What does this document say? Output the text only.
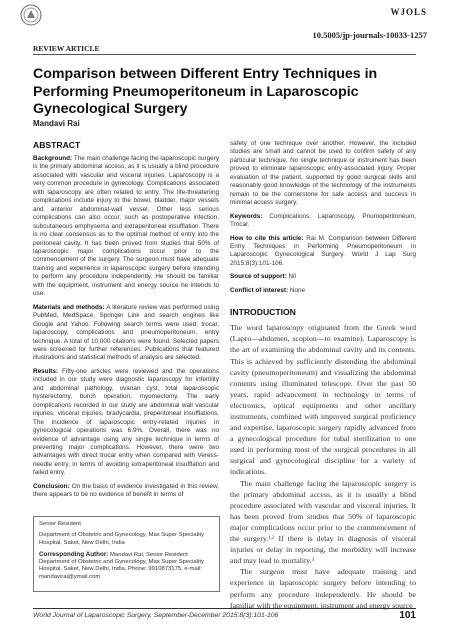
WJOLS
10.5005/jp-journals-10033-1257
REVIEW ARTICLE
Comparison between Different Entry Techniques in Performing Pneumoperitoneum in Laparoscopic Gynecological Surgery
Mandavi Rai
ABSTRACT

Background: The main challenge facing the laparoscopic surgery is the primary abdominal access, as it is usually a blind procedure associated with vascular and visceral injuries. Laparoscopy is a very common procedure in gynecology. Complications associated with laparoscopy are often related to entry. The life-threatening complications include injury to the bowel, bladder, major vessels and anterior abdominal-wall vessel. Other less serious complications can also occur, such as postoperative infection, subcutaneous emphysema and extraperitoneal insufflation. There is no clear consensus as to the optimal method of entry into the peritoneal cavity. It has been proved from studies that 50% of laparoscopic major complications occur prior to the commencement of the surgery. The surgeon must have adequate training and experience in laparoscopic surgery before intending to perform any procedure independently. He should be familiar with the equipment, instrument and energy source he intends to use.

Materials and methods: A literature review was performed using PubMed, MedSpace, Springer Link and search engines like Google and Yahoo. Following search terms were used: trocar, laparoscopy, complications and pneumoperitoneum, entry technique. A total of 10,000 citations were found. Selected papers were screened for further references. Publications that featured illustrations and statistical methods of analysis are selected.

Results: Fifty-one articles were reviewed and the operations included in our study were diagnostic laparoscopy for infertility and abdominal pathology, ovarian cyst, total laparoscopic hysterectomy, burch operation, myomectomy. The early complications recorded in our study are abdominal wall vascular injuries, visceral injuries, bradycardia, preperitoneal insufflations. The incidence of laparoscopic entry-related injuries in gynecological operations was 6.9%. Overall, there was no evidence of advantage using any single technique in terms of preventing major complications. However, there were two advantages with direct trocar entry when compared with Veress-needle entry, in terms of avoiding extraperitoneal insufflation and failed entry.

Conclusion: On the basis of evidence investigated in this review, there appears to be no evidence of benefit in terms of

Senior Resident

Department of Obstetric and Gynecology, Max Super Speciality Hospital, Saket, New Delhi, India

Corresponding Author: Mandavi Rai, Senior Resident Department of Obstetric and Gynecology, Max Super Speciality Hospital, Saket, New Delhi, India, Phone: 9910873175, e-mail: mandavirai@ymail.com

safety of one technique over another. However, the included studies are small and cannot be used to confirm safety of any particular technique. No single technique or instrument has been proved to eliminate laparoscopic entry-associated injury. Proper evaluation of the patient, supported by good surgical skills and reasonably good knowledge of the technology of the instruments remain to be the cornerstone for safe access and success in minimal access surgery.

Keywords: Complications, Laparoscopy, Pnumoperitoneum, Trocar.

How to cite this article: Rai M. Comparison between Different Entry Techniques in Performing Pneumoperitoneum in Laparoscopic Gynecological Surgery. World J Lap Surg 2015;8(3):101-106.

Source of support: Nil

Conflict of interest: None

INTRODUCTION

The word laparoscopy originated from the Greek word (Lapro—abdomen, scopion—to examine). Laparoscopy is the art of examining the abdominal cavity and its contents. This is achieved by sufficiently distending the abdominal cavity (pneumoperitoneum) and visualizing the abdominal contents using illuminated telescope. Over the past 50 years, rapid advancement in technology in terms of electronics, optical equipments and other ancillary instruments, combined with improved surgical proficiency and expertise, laparoscopic surgery rapidly advanced from a gynecological procedure for tubal sterilization to one used in performing most of the surgical procedures in all surgical and gynecological discipline for a variety of indications.

The main challenge facing the laparoscopic surgery is the primary abdominal access, as it is usually a blind procedure associated with vascular and visceral injuries. It has been proved from studies that 50% of laparoscopic major complications occur prior to the commencement of the surgery.$^{1,2}$ If there is delay in diagnosis of visceral injuries or delay in reporting, the morbidity will increase and may lead to mortality.$^3$

The surgeon must have adequate training and experience in laparoscopic surgery before intending to perform any procedure independently. He should be familiar with the equipment, instrument and energy source

World Journal of Laparoscopic Surgery, September-December 2015;8(3):101-106	101
